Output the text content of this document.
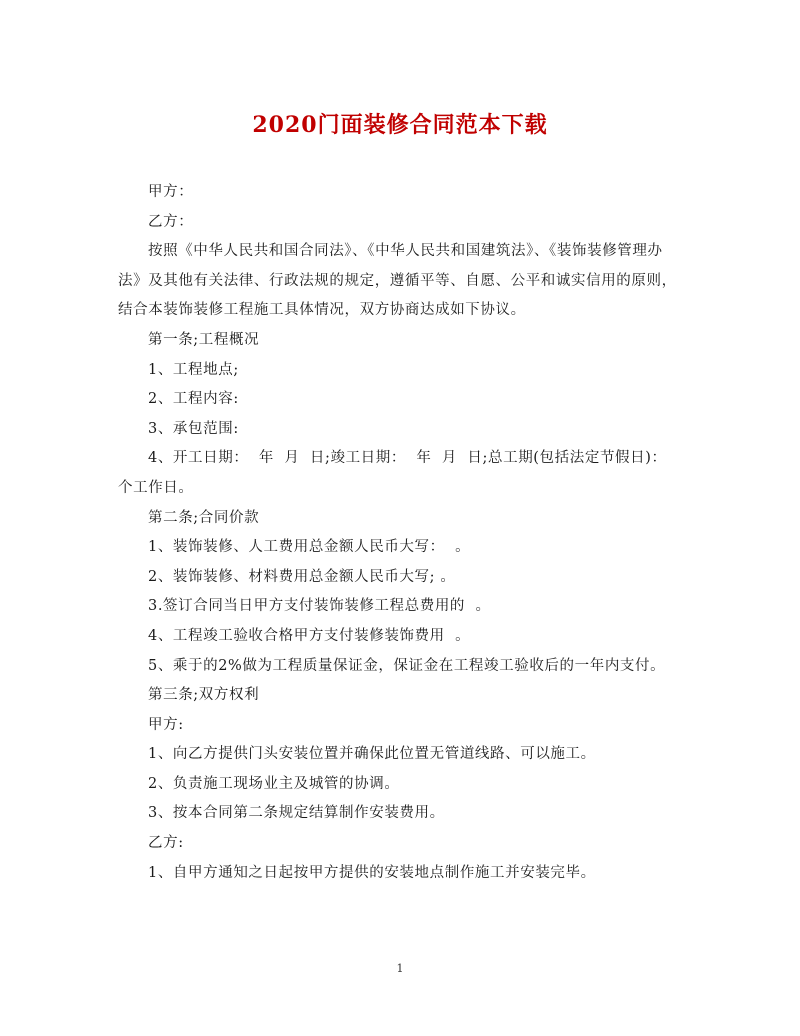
2020门面装修合同范本下载

甲方：

乙方：

按照《中华人民共和国合同法》、《中华人民共和国建筑法》、《装饰装修管理办法》及其他有关法律、行政法规的规定，遵循平等、自愿、公平和诚实信用的原则，结合本装饰装修工程施工具体情况，双方协商达成如下协议。

第一条;工程概况

1、工程地点;

2、工程内容:

3、承包范围:

4、开工日期：  年  月  日;竣工日期：  年  月  日;总工期(包括法定节假日)：  个工作日。

第二条;合同价款

1、装饰装修、人工费用总金额人民币大写：  。

2、装饰装修、材料费用总金额人民币大写; 。

3.签订合同当日甲方支付装饰装修工程总费用的  。

4、工程竣工验收合格甲方支付装修装饰费用  。

5、乘于的2%做为工程质量保证金，保证金在工程竣工验收后的一年内支付。

第三条;双方权利

甲方:

1、向乙方提供门头安装位置并确保此位置无管道线路、可以施工。

2、负责施工现场业主及城管的协调。

3、按本合同第二条规定结算制作安装费用。

乙方:

1、自甲方通知之日起按甲方提供的安装地点制作施工并安装完毕。

1
